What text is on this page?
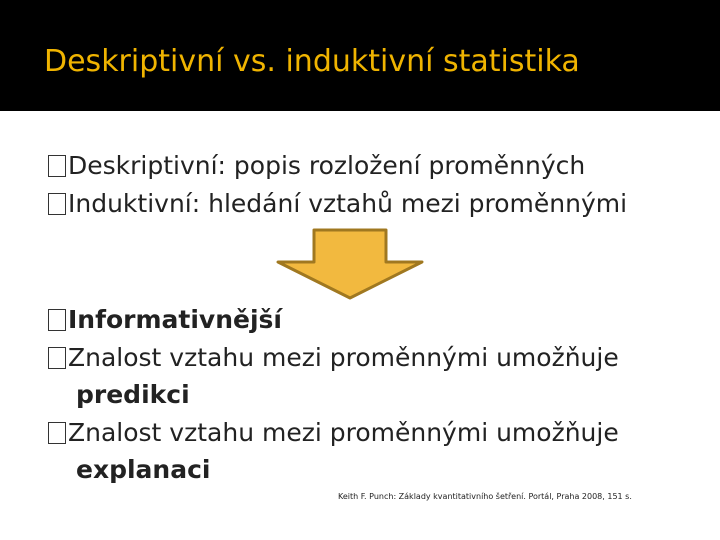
Deskriptivní vs. induktivní statistika
Deskriptivní: popis rozložení proměnných
Induktivní: hledání vztahů mezi proměnnými
Informativnější
Znalost vztahu mezi proměnnými umožňuje
predikci
Znalost vztahu mezi proměnnými umožňuje
explanaci
Keith F. Punch: Základy kvantitativního šetření. Portál, Praha 2008, 151 s.
